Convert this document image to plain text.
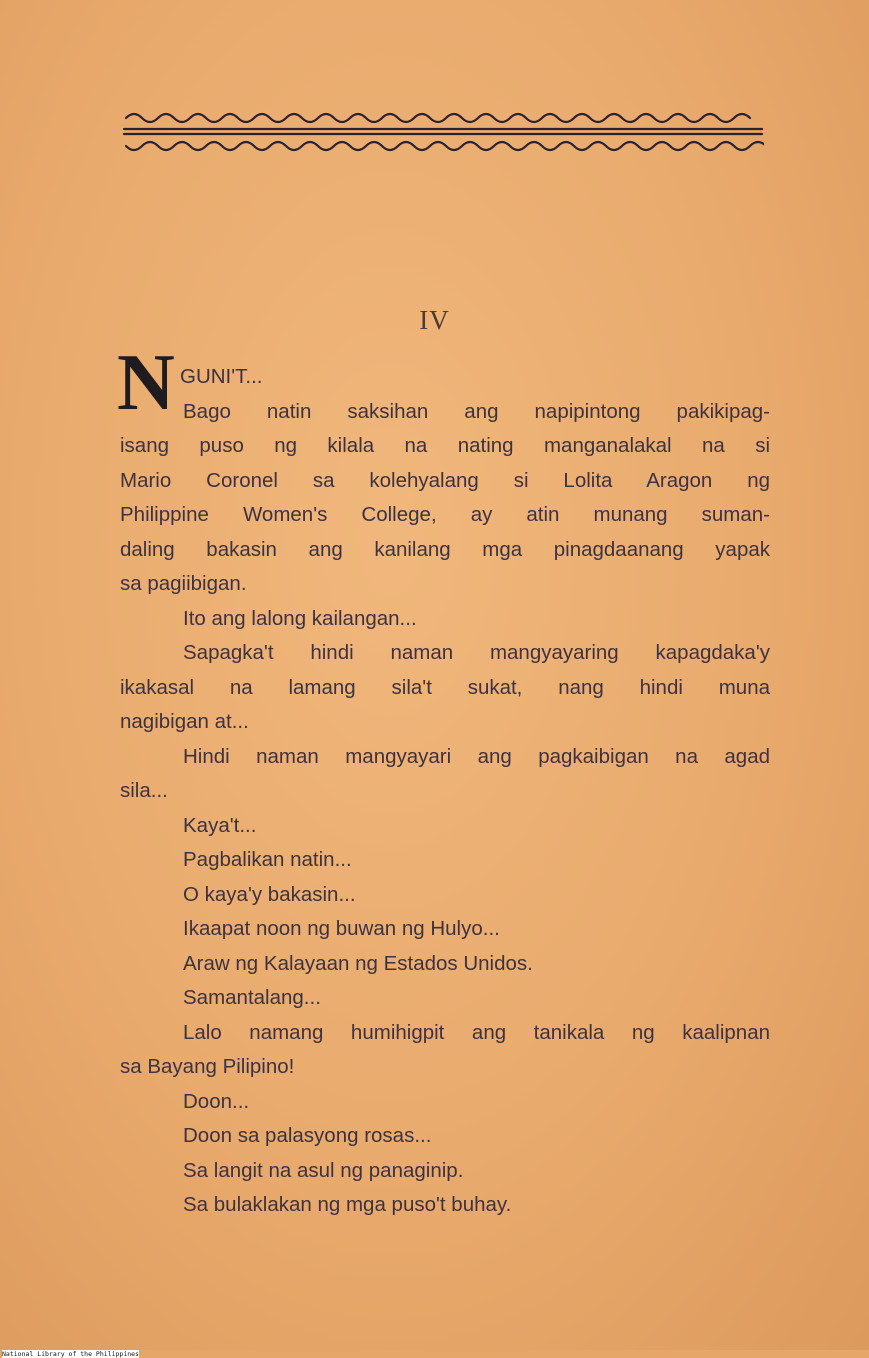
IV
N GUNI'T...
Bago natin saksihan ang napipintong pakikipag-
isang puso ng kilala na nating manganalakal na si
Mario Coronel sa kolehyalang si Lolita Aragon ng
Philippine Women's College, ay atin munang suman-
daling bakasin ang kanilang mga pinagdaanang yapak
sa pagiibigan.
Ito ang lalong kailangan...
Sapagka't hindi naman mangyayaring kapagdaka'y
ikakasal na lamang sila't sukat, nang hindi muna
nagibigan at...
Hindi naman mangyayari ang pagkaibigan na agad
sila...
Kaya't...
Pagbalikan natin...
O kaya'y bakasin...
Ikaapat noon ng buwan ng Hulyo...
Araw ng Kalayaan ng Estados Unidos.
Samantalang...
Lalo namang humihigpit ang tanikala ng kaalipnan
sa Bayang Pilipino!
Doon...
Doon sa palasyong rosas...
Sa langit na asul ng panaginip.
Sa bulaklakan ng mga puso't buhay.
National Library of the Philippines
